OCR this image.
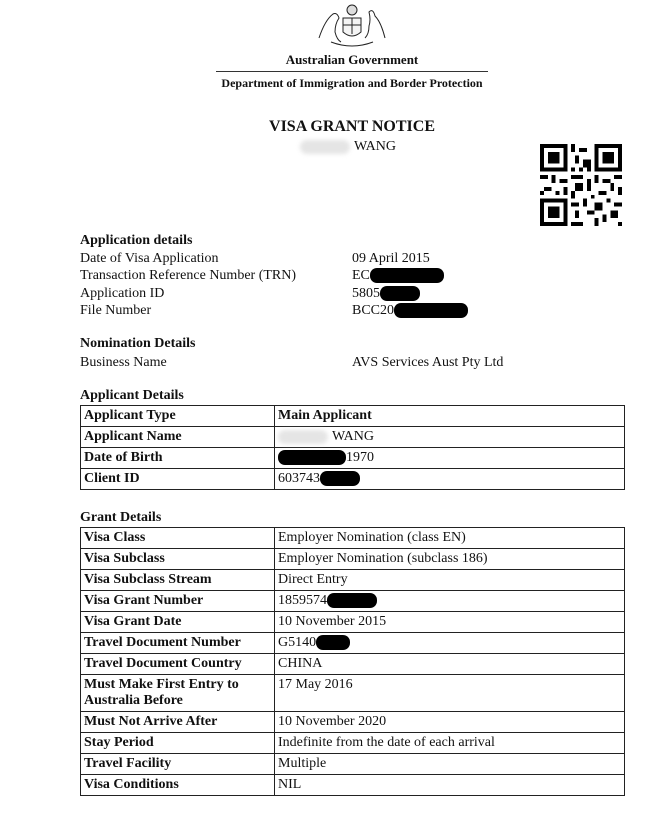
Australian Government
Department of Immigration and Border Protection
VISA GRANT NOTICE
WANG
Application details
Date of Visa Application	09 April 2015
Transaction Reference Number (TRN)	EC
Application ID	5805
File Number	BCC20
Nomination Details
Business Name	AVS Services Aust Pty Ltd
Applicant Details
Applicant Type	Main Applicant
Applicant Name	WANG
Date of Birth	1970
Client ID	603743
Grant Details
Visa Class	Employer Nomination (class EN)
Visa Subclass	Employer Nomination (subclass 186)
Visa Subclass Stream	Direct Entry
Visa Grant Number	1859574
Visa Grant Date	10 November 2015
Travel Document Number	G5140
Travel Document Country	CHINA
Must Make First Entry to Australia Before	17 May 2016
Must Not Arrive After	10 November 2020
Stay Period	Indefinite from the date of each arrival
Travel Facility	Multiple
Visa Conditions	NIL
